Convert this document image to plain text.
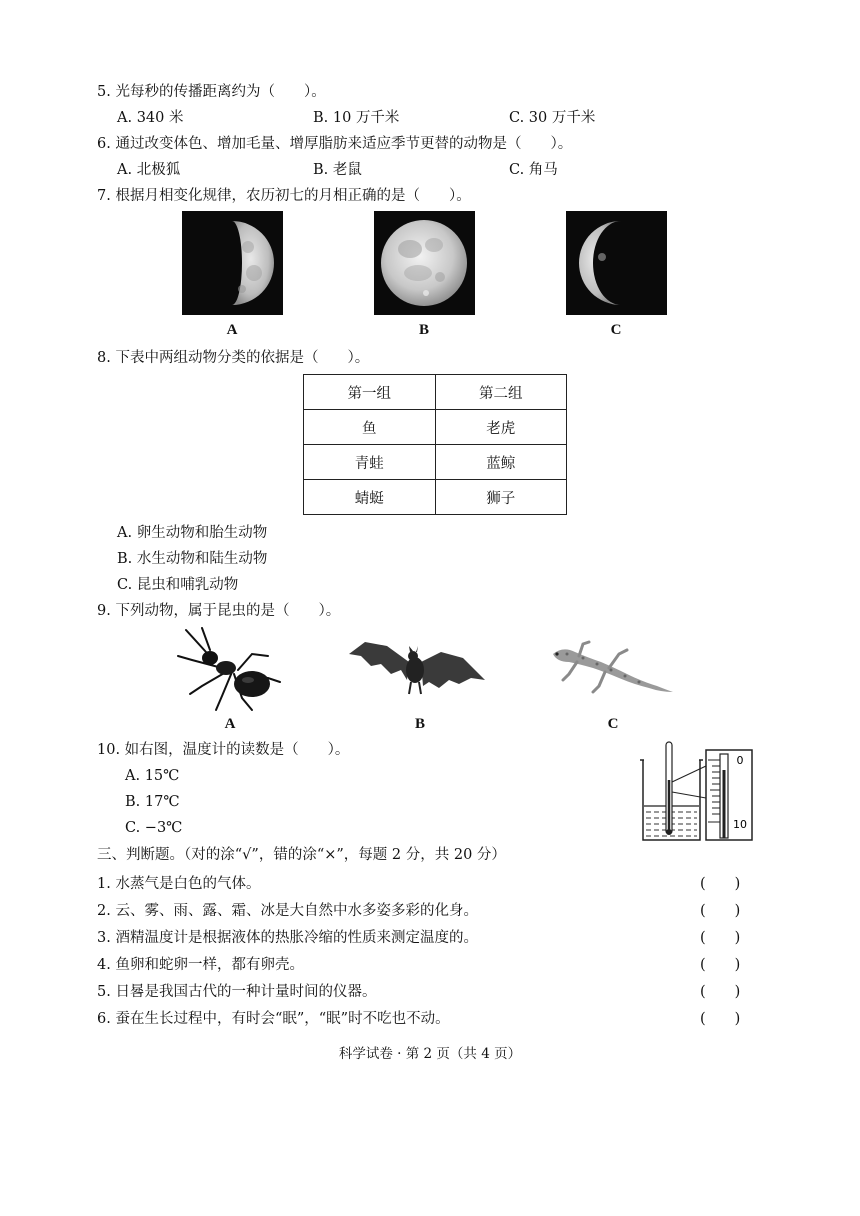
5. 光每秒的传播距离约为（　　）。
A. 340 米	B. 10 万千米	C. 30 万千米
6. 通过改变体色、增加毛量、增厚脂肪来适应季节更替的动物是（　　）。
A. 北极狐	B. 老鼠	C. 角马
7. 根据月相变化规律，农历初七的月相正确的是（　　）。
A	B	C
8. 下表中两组动物分类的依据是（　　）。
第一组	第二组
鱼	老虎
青蛙	蓝鲸
蜻蜓	狮子
A. 卵生动物和胎生动物
B. 水生动物和陆生动物
C. 昆虫和哺乳动物
9. 下列动物，属于昆虫的是（　　）。
A	B	C
10. 如右图，温度计的读数是（　　）。
A. 15℃
B. 17℃
C. −3℃
0
10
三、判断题。（对的涂“√”，错的涂“×”，每题 2 分，共 20 分）
1. 水蒸气是白色的气体。	(　　)
2. 云、雾、雨、露、霜、冰是大自然中水多姿多彩的化身。	(　　)
3. 酒精温度计是根据液体的热胀冷缩的性质来测定温度的。	(　　)
4. 鱼卵和蛇卵一样，都有卵壳。	(　　)
5. 日晷是我国古代的一种计量时间的仪器。	(　　)
6. 蚕在生长过程中，有时会“眠”，“眠”时不吃也不动。	(　　)
科学试卷 · 第 2 页（共 4 页）
